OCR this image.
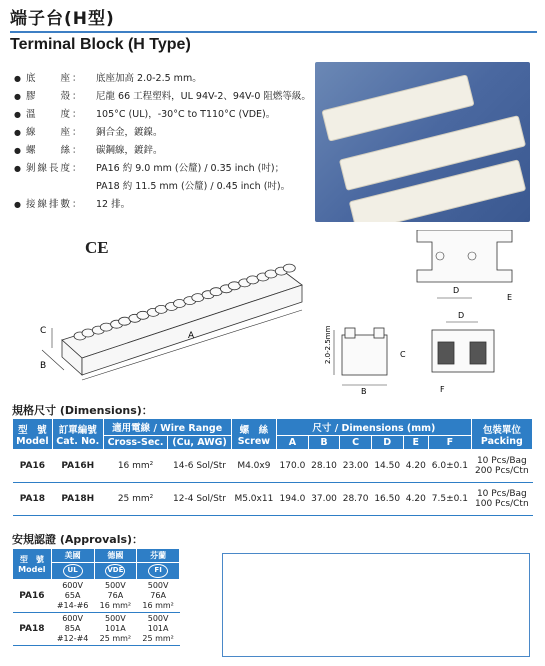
端子台(H型)
Terminal Block (H Type)
● 底　　座：	底座加高 2.0-2.5 mm。
● 膠　　殼：	尼龍 66 工程塑料，UL 94V-2、94V-0 阻燃等級。
● 溫　　度：	105°C (UL)，-30°C to T110°C (VDE)。
● 線　　座：	銅合金，鍍鎳。
● 螺　　絲：	碳鋼線，鍍鋅。
● 剝線長度：	PA16 約 9.0 mm (公釐) / 0.35 inch (吋)；
PA18 約 11.5 mm (公釐) / 0.45 inch (吋)。
● 接線排數：	12 排。
CE
A
C
B
D
E
2.0-2.5mm
B
C
D
F
規格尺寸 (Dimensions)：
型　號
Model	訂單編號
Cat. No.	適用電線 / Wire Range		螺　絲
Screw	尺寸 / Dimensions (mm)						包裝單位
Packing
		Cross-Sec.	(Cu, AWG)		A	B	C	D	E	F	
PA16	PA16H	16 mm²	14-6 Sol/Str	M4.0x9	170.0	28.10	23.00	14.50	4.20	6.0±0.1	10 Pcs/Bag
200 Pcs/Ctn
PA18	PA18H	25 mm²	12-4 Sol/Str	M5.0x11	194.0	37.00	28.70	16.50	4.20	7.5±0.1	10 Pcs/Bag
100 Pcs/Ctn
安規認證 (Approvals)：
型　號
Model	美國	德國	芬蘭
	UL	VDE	FI
PA16	600V
65A
#14-#6	500V
76A
16 mm²	500V
76A
16 mm²
PA18	600V
85A
#12-#4	500V
101A
25 mm²	500V
101A
25 mm²
